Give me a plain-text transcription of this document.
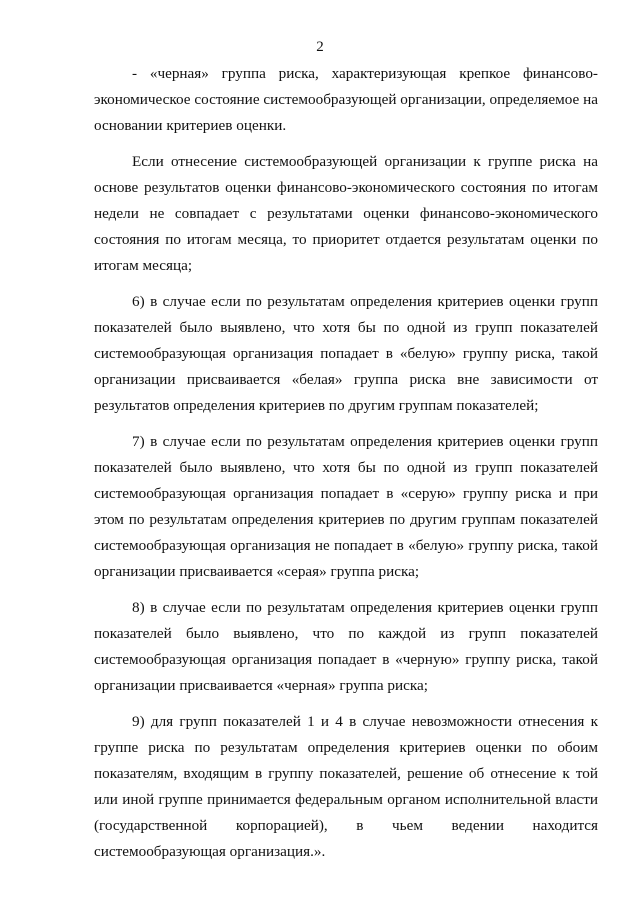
2

- «черная» группа риска, характеризующая крепкое финансово-экономическое состояние системообразующей организации, определяемое на основании критериев оценки.

Если отнесение системообразующей организации к группе риска на основе результатов оценки финансово-экономического состояния по итогам недели не совпадает с результатами оценки финансово-экономического состояния по итогам месяца, то приоритет отдается результатам оценки по итогам месяца;

6) в случае если по результатам определения критериев оценки групп показателей было выявлено, что хотя бы по одной из групп показателей системообразующая организация попадает в «белую» группу риска, такой организации присваивается «белая» группа риска вне зависимости от результатов определения критериев по другим группам показателей;

7) в случае если по результатам определения критериев оценки групп показателей было выявлено, что хотя бы по одной из групп показателей системообразующая организация попадает в «серую» группу риска и при этом по результатам определения критериев по другим группам показателей системообразующая организация не попадает в «белую» группу риска, такой организации присваивается «серая» группа риска;

8) в случае если по результатам определения критериев оценки групп показателей было выявлено, что по каждой из групп показателей системообразующая организация попадает в «черную» группу риска, такой организации присваивается «черная» группа риска;

9) для групп показателей 1 и 4 в случае невозможности отнесения к группе риска по результатам определения критериев оценки по обоим показателям, входящим в группу показателей, решение об отнесение к той или иной группе принимается федеральным органом исполнительной власти (государственной корпорацией), в чьем ведении находится системообразующая организация.».
